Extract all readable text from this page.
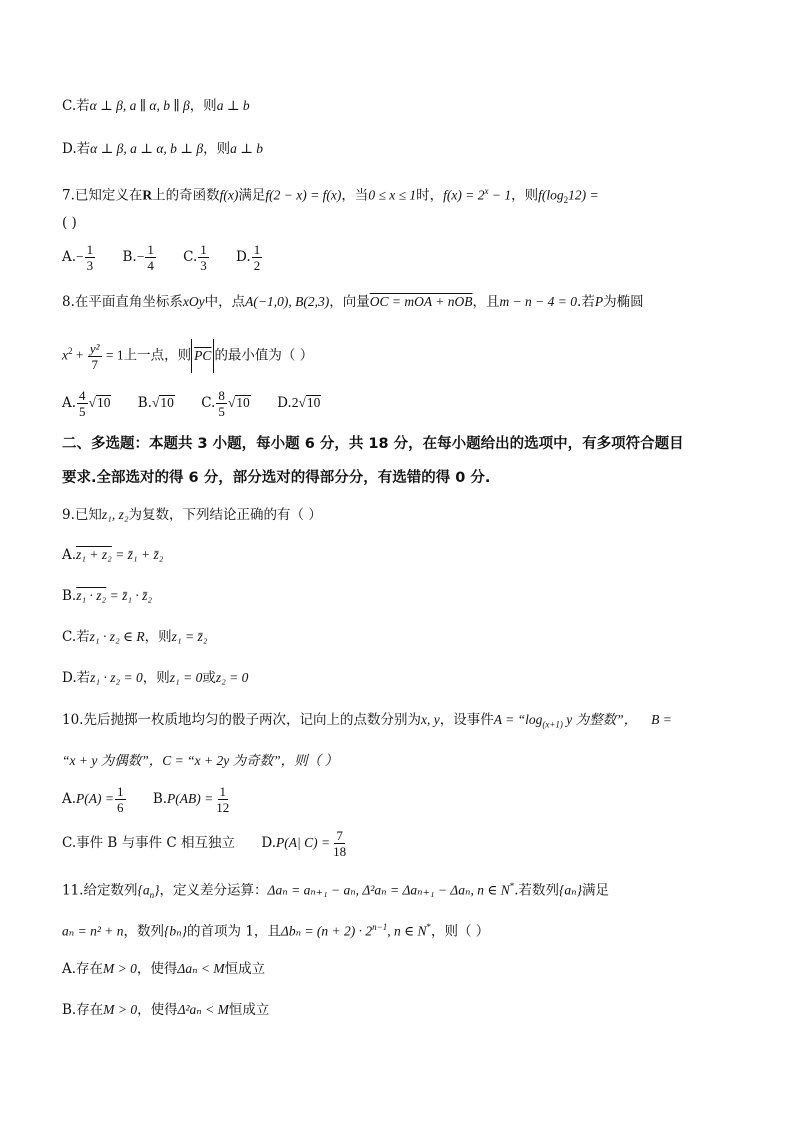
C.若α ⊥ β, a ∥ α, b ∥ β，则a ⊥ b
D.若α ⊥ β, a ⊥ α, b ⊥ β，则a ⊥ b
7.已知定义在R上的奇函数f(x)满足f(2 − x) = f(x)，当0 ≤ x ≤ 1时，$f(x) = 2^x - 1$，则$f(\log_212)$ =
( )
$A.- \frac{1}{3} B.- \frac{1}{4} C$. $\frac{1}{3} D$. $\frac{1}{2}$
8.在平面直角坐标系xOy中，点A(−1,0), B(2,3)，向量OC = mOA + nOB，且m − n − 4 = 0.若P为椭圆
$x^2 + \frac{\text{y²}}{7} = 1$上一点，则 $\overline{PC}$ 的最小值为（ ）
A. $\frac{4}{5} √10$ B.√10 C. $\frac{8}{5} √10$ D.2√10
二、多选题：本题共 3 小题，每小题 6 分，共 18 分，在每小题给出的选项中，有多项符合题目
要求.全部选对的得 6 分，部分选对的得部分分，有选错的得 0 分.
9.已知z₁, z₂为复数，下列结论正确的有（ ）
A.z₁ + z₂ = z̄₁ + z̄₂
B.z₁ · z₂ = z̄₁ · z̄₂
C.若z₁ · z₂ ∈ R，则z₁ = z̄₂
D.若z₁ · z₂ = 0，则z₁ = 0或z₂ = 0
10.先后抛掷一枚质地均匀的骰子两次，记向上的点数分别为x, y，设事件$A = “\log_{(x+1)}$ y 为整数”， B =
“x + y 为偶数”，C = “x + 2y 为奇数”，则（ ）
$A.P(A) = \frac{1}{6} B.P(AB) = \frac{1}{12}$
C.事件 B 与事件 C 相互独立 D.P(A| $C) = \frac{7}{18}$
11.给定数列$\{a_n\}$，定义差分运算：Δaₙ = aₙ₊₁ − aₙ, Δ²aₙ = Δaₙ₊₁ − Δaₙ, n ∈ N*.若数列{aₙ}满足
aₙ = n² + n，数列{bₙ}的首项为 1，且$\Delta b_n = (n + 2) \cdot 2^{n-1}$, n ∈ N*，则（ ）
A.存在M > 0，使得Δaₙ < M恒成立
B.存在M > 0，使得Δ²aₙ < M恒成立
